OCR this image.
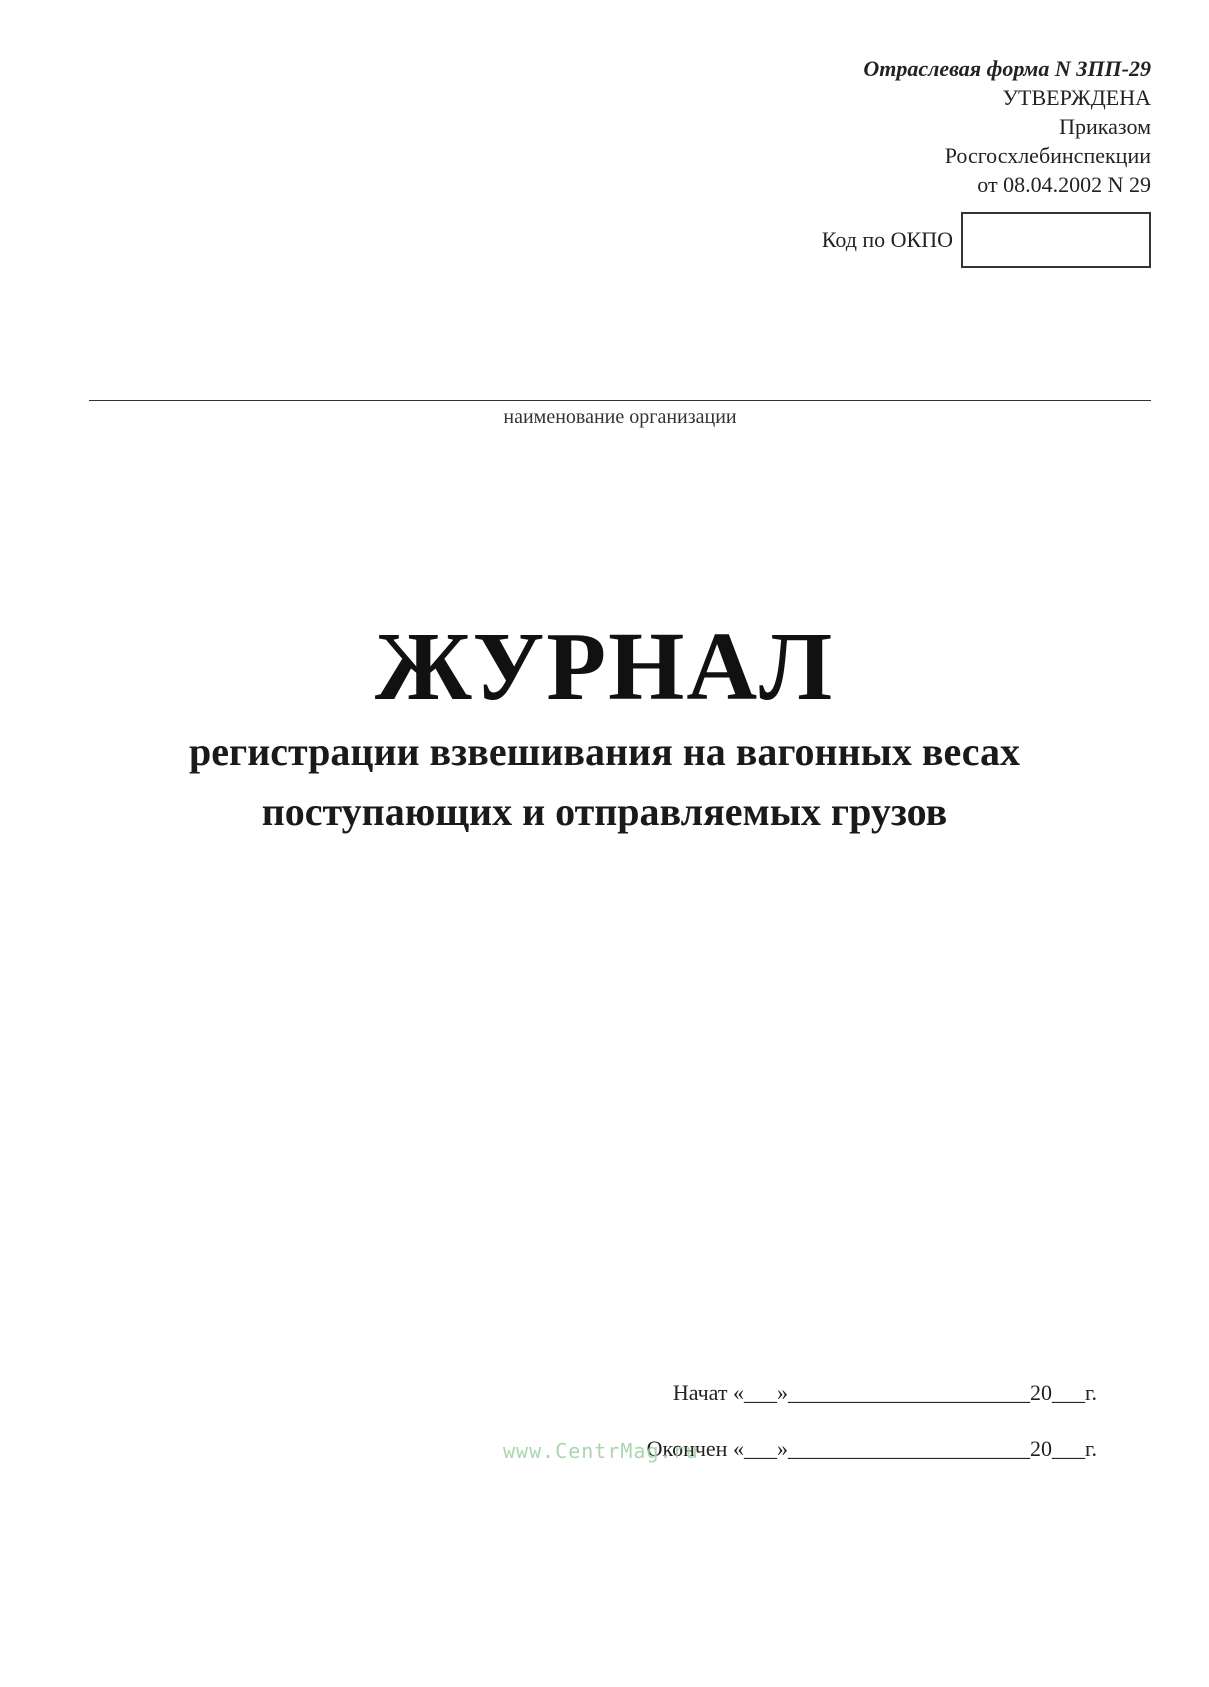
Отраслевая форма N ЗПП-29
УТВЕРЖДЕНА
Приказом
Росгосхлебинспекции
от 08.04.2002 N 29
Код по ОКПО
наименование организации
ЖУРНАЛ
регистрации взвешивания на вагонных весах
поступающих и отправляемых грузов
Начат «___»______________________20___г.
Окончен «___»______________________20___г.
www.CentrMag.ru
